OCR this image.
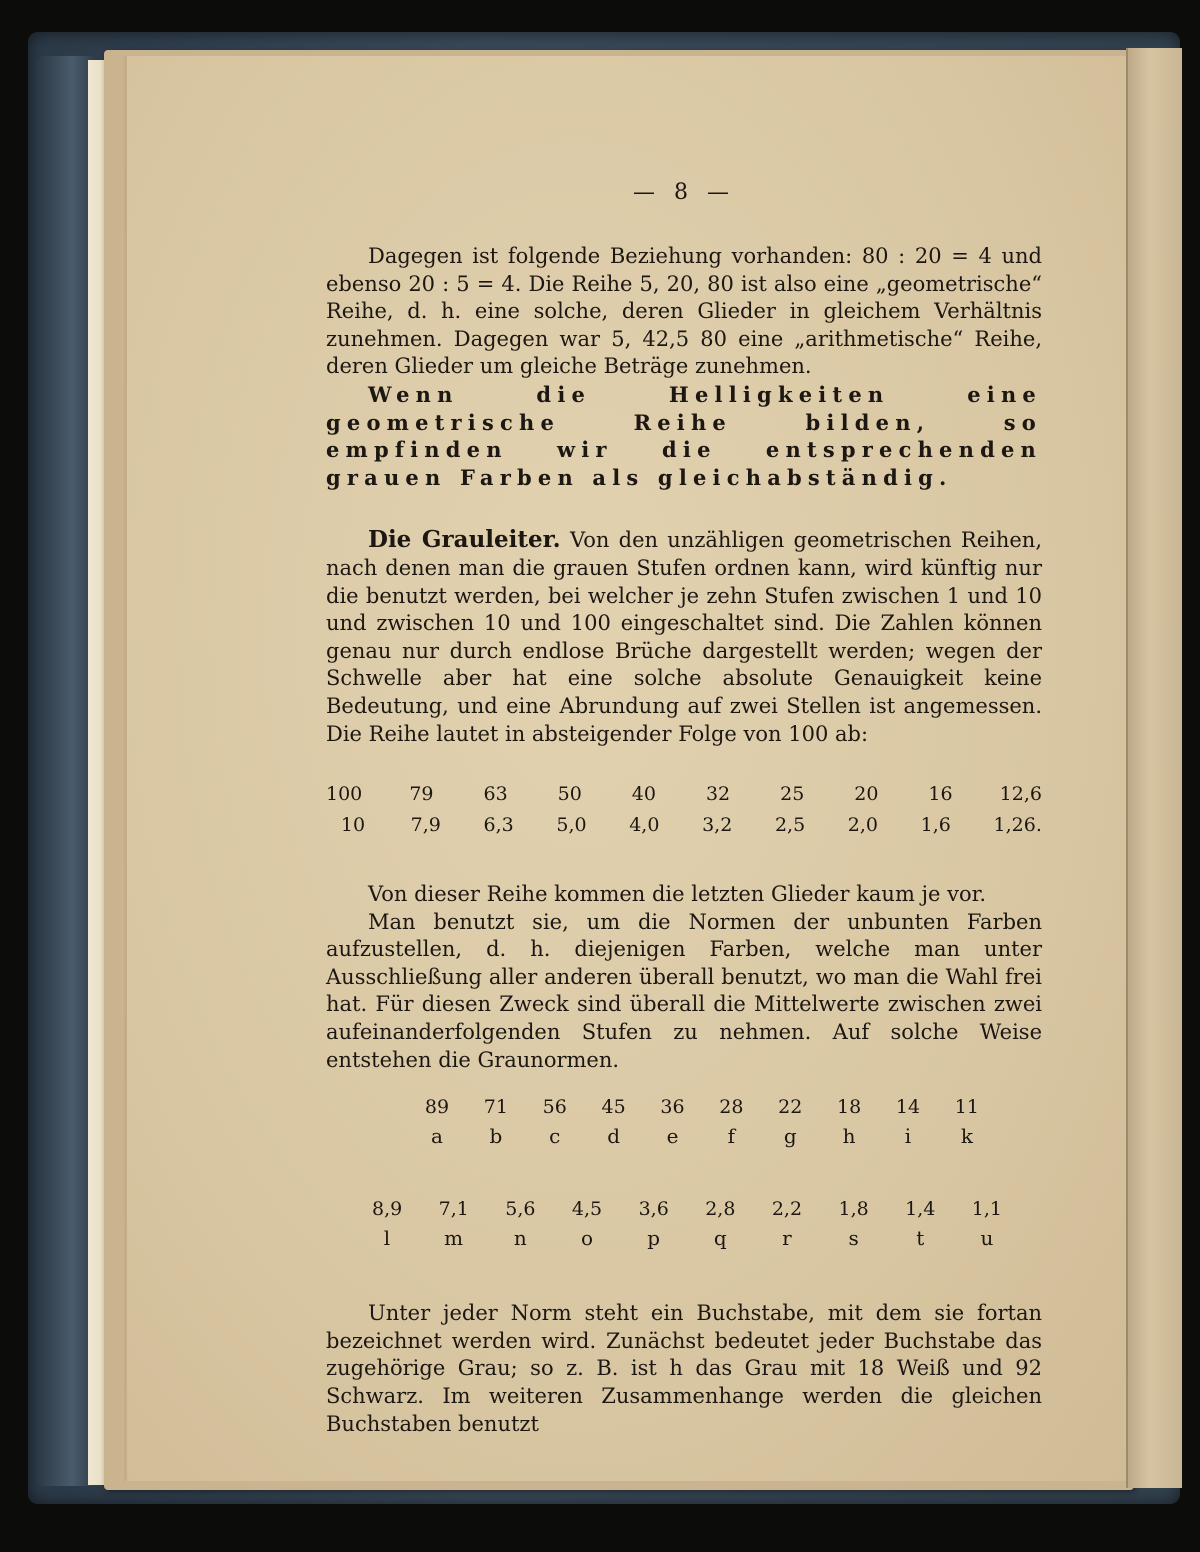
— 8 —

Dagegen ist folgende Beziehung vorhanden: 80 : 20 = 4 und ebenso 20 : 5 = 4. Die Reihe 5, 20, 80 ist also eine „geometrische“ Reihe, d. h. eine solche, deren Glieder in gleichem Verhältnis zunehmen. Dagegen war 5, 42,5 80 eine „arithmetische“ Reihe, deren Glieder um gleiche Beträge zunehmen.

Wenn die Helligkeiten eine geometrische Reihe bilden, so empfinden wir die entsprechenden grauen Farben als gleichabständig.

Die Grauleiter. Von den unzähligen geometrischen Reihen, nach denen man die grauen Stufen ordnen kann, wird künftig nur die benutzt werden, bei welcher je zehn Stufen zwischen 1 und 10 und zwischen 10 und 100 eingeschaltet sind. Die Zahlen können genau nur durch endlose Brüche dargestellt werden; wegen der Schwelle aber hat eine solche absolute Genauigkeit keine Bedeutung, und eine Abrundung auf zwei Stellen ist angemessen. Die Reihe lautet in absteigender Folge von 100 ab:

100 79	63	50	40	32	25	20	16 12,6
10 7,9 6,3 5,0 4,0 3,2 2,5 2,0 1,6 1,26.

Von dieser Reihe kommen die letzten Glieder kaum je vor.

Man benutzt sie, um die Normen der unbunten Farben aufzustellen, d. h. diejenigen Farben, welche man unter Ausschließung aller anderen überall benutzt, wo man die Wahl frei hat. Für diesen Zweck sind überall die Mittelwerte zwischen zwei aufeinanderfolgenden Stufen zu nehmen. Auf solche Weise entstehen die Graunormen.

89 71 56 45 36 28 22 18 14 11
a	b	c	d	e	f	g	h	i	k
8,9 7,1 5,6 4,5 3,6 2,8 2,2 1,8 1,4 1,1
l	m	n	o	p	q	r	s	t	u

Unter jeder Norm steht ein Buchstabe, mit dem sie fortan bezeichnet werden wird. Zunächst bedeutet jeder Buchstabe das zugehörige Grau; so z. B. ist h das Grau mit 18 Weiß und 92 Schwarz. Im weiteren Zusammenhange werden die gleichen Buchstaben benutzt
